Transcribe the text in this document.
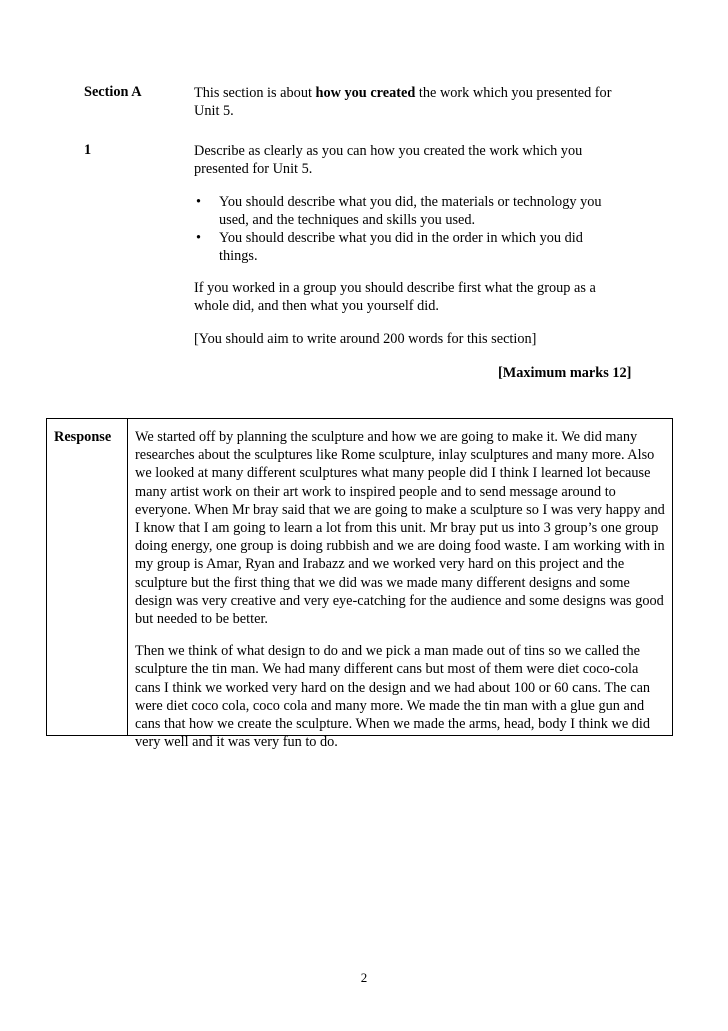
Section A	This section is about how you created the work which you presented for
Unit 5.
1	Describe as clearly as you can how you created the work which you
presented for Unit 5.
• You should describe what you did, the materials or technology you
used, and the techniques and skills you used.
• You should describe what you did in the order in which you did
things.
If you worked in a group you should describe first what the group as a
whole did, and then what you yourself did.
[You should aim to write around 200 words for this section]
[Maximum marks 12]
Response We started off by planning the sculpture and how we are going to make it. We did many researches about the sculptures like Rome sculpture, inlay sculptures and many more. Also we looked at many different sculptures what many people did I think I learned lot because many artist work on their art work to inspired people and to send message around to everyone. When Mr bray said that we are going to make a sculpture so I was very happy and I know that I am going to learn a lot from this unit. Mr bray put us into 3 group’s one group doing energy, one group is doing rubbish and we are doing food waste. I am working with in my group is Amar, Ryan and Irabazz and we worked very hard on this project and the sculpture but the first thing that we did was we made many different designs and some design was very creative and very eye-catching for the audience and some designs was good but needed to be better.

Then we think of what design to do and we pick a man made out of tins so we called the sculpture the tin man. We had many different cans but most of them were diet coco-cola cans I think we worked very hard on the design and we had about 100 or 60 cans. The can were diet coco cola, coco cola and many more. We made the tin man with a glue gun and cans that how we create the sculpture. When we made the arms, head, body I think we did very well and it was very fun to do.

2
